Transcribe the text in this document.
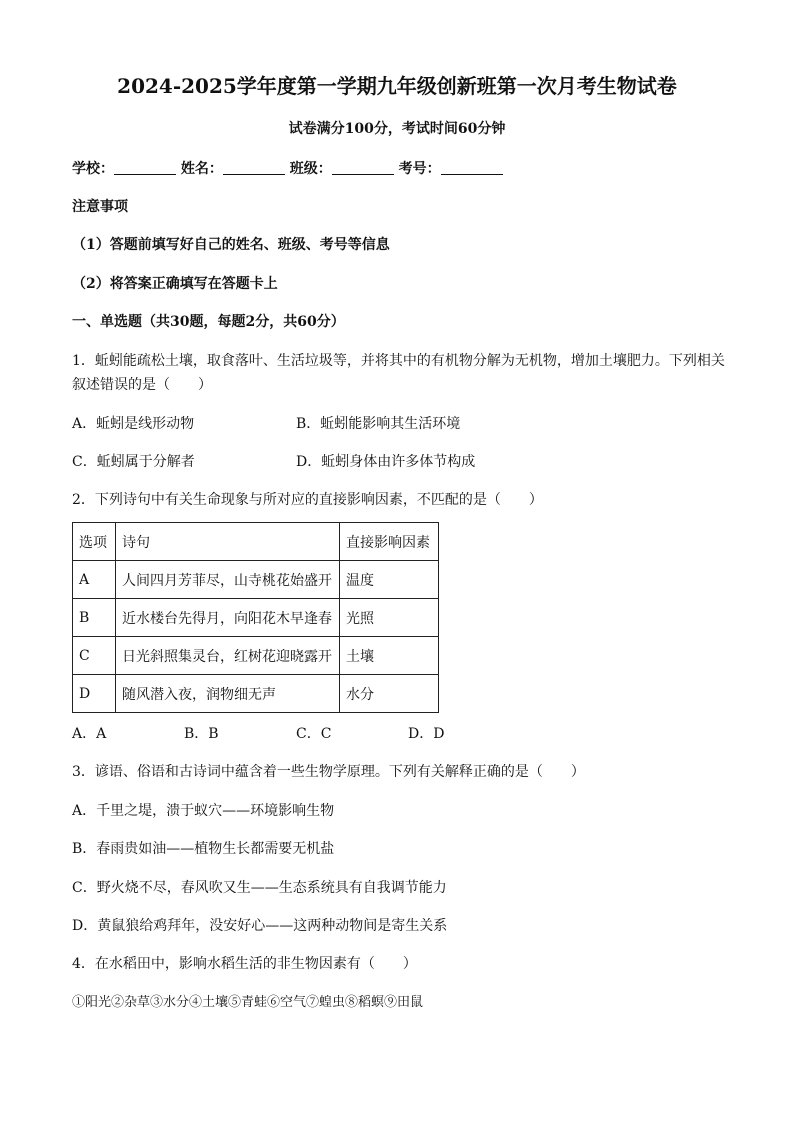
2024-2025学年度第一学期九年级创新班第一次月考生物试卷
试卷满分100分，考试时间60分钟
学校：	姓名：	班级：	考号：
注意事项
（1）答题前填写好自己的姓名、班级、考号等信息
（2）将答案正确填写在答题卡上
一、单选题（共30题，每题2分，共60分）
1．蚯蚓能疏松土壤，取食落叶、生活垃圾等，并将其中的有机物分解为无机物，增加土壤肥力。下列相关
叙述错误的是（　　）
A．蚯蚓是线形动物	B．蚯蚓能影响其生活环境
C．蚯蚓属于分解者	D．蚯蚓身体由许多体节构成
2．下列诗句中有关生命现象与所对应的直接影响因素，不匹配的是（　　）
选项	诗句	直接影响因素
A	人间四月芳菲尽，山寺桃花始盛开	温度
B	近水楼台先得月，向阳花木早逢春	光照
C	日光斜照集灵台，红树花迎晓露开	土壤
D	随风潜入夜，润物细无声	水分
A．A	B．B	C．C	D．D
3．谚语、俗语和古诗词中蕴含着一些生物学原理。下列有关解释正确的是（　　）
A．千里之堤，溃于蚁穴——环境影响生物
B．春雨贵如油——植物生长都需要无机盐
C．野火烧不尽，春风吹又生——生态系统具有自我调节能力
D．黄鼠狼给鸡拜年，没安好心——这两种动物间是寄生关系
4．在水稻田中，影响水稻生活的非生物因素有（　　）
①阳光②杂草③水分④土壤⑤青蛙⑥空气⑦蝗虫⑧稻螟⑨田鼠
